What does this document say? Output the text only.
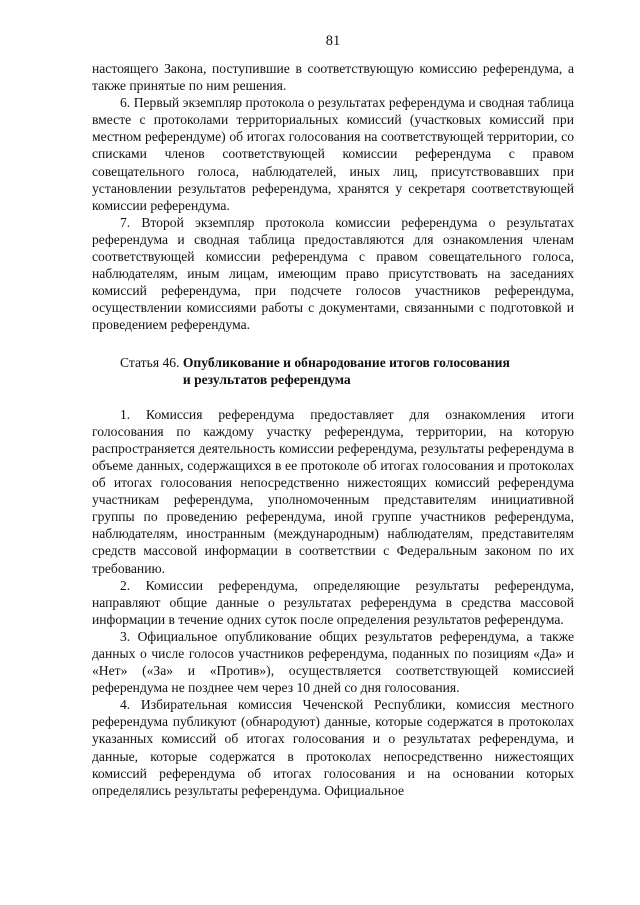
81

настоящего Закона, поступившие в соответствующую комиссию референдума, а также принятые по ним решения.

6. Первый экземпляр протокола о результатах референдума и сводная таблица вместе с протоколами территориальных комиссий (участковых комиссий при местном референдуме) об итогах голосования на соответствующей территории, со списками членов соответствующей комиссии референдума с правом совещательного голоса, наблюдателей, иных лиц, присутствовавших при установлении результатов референдума, хранятся у секретаря соответствующей комиссии референдума.

7. Второй экземпляр протокола комиссии референдума о результатах референдума и сводная таблица предоставляются для ознакомления членам соответствующей комиссии референдума с правом совещательного голоса, наблюдателям, иным лицам, имеющим право присутствовать на заседаниях комиссий референдума, при подсчете голосов участников референдума, осуществлении комиссиями работы с документами, связанными с подготовкой и проведением референдума.

Статья 46. Опубликование и обнародование итогов голосования
и результатов референдума

1. Комиссия референдума предоставляет для ознакомления итоги голосования по каждому участку референдума, территории, на которую распространяется деятельность комиссии референдума, результаты референдума в объеме данных, содержащихся в ее протоколе об итогах голосования и протоколах об итогах голосования непосредственно нижестоящих комиссий референдума участникам референдума, уполномоченным представителям инициативной группы по проведению референдума, иной группе участников референдума, наблюдателям, иностранным (международным) наблюдателям, представителям средств массовой информации в соответствии с Федеральным законом по их требованию.

2. Комиссии референдума, определяющие результаты референдума, направляют общие данные о результатах референдума в средства массовой информации в течение одних суток после определения результатов референдума.

3. Официальное опубликование общих результатов референдума, а также данных о числе голосов участников референдума, поданных по позициям «Да» и «Нет» («За» и «Против»), осуществляется соответствующей комиссией референдума не позднее чем через 10 дней со дня голосования.

4. Избирательная комиссия Чеченской Республики, комиссия местного референдума публикуют (обнародуют) данные, которые содержатся в протоколах указанных комиссий об итогах голосования и о результатах референдума, и данные, которые содержатся в протоколах непосредственно нижестоящих комиссий референдума об итогах голосования и на основании которых определялись результаты референдума. Официальное
